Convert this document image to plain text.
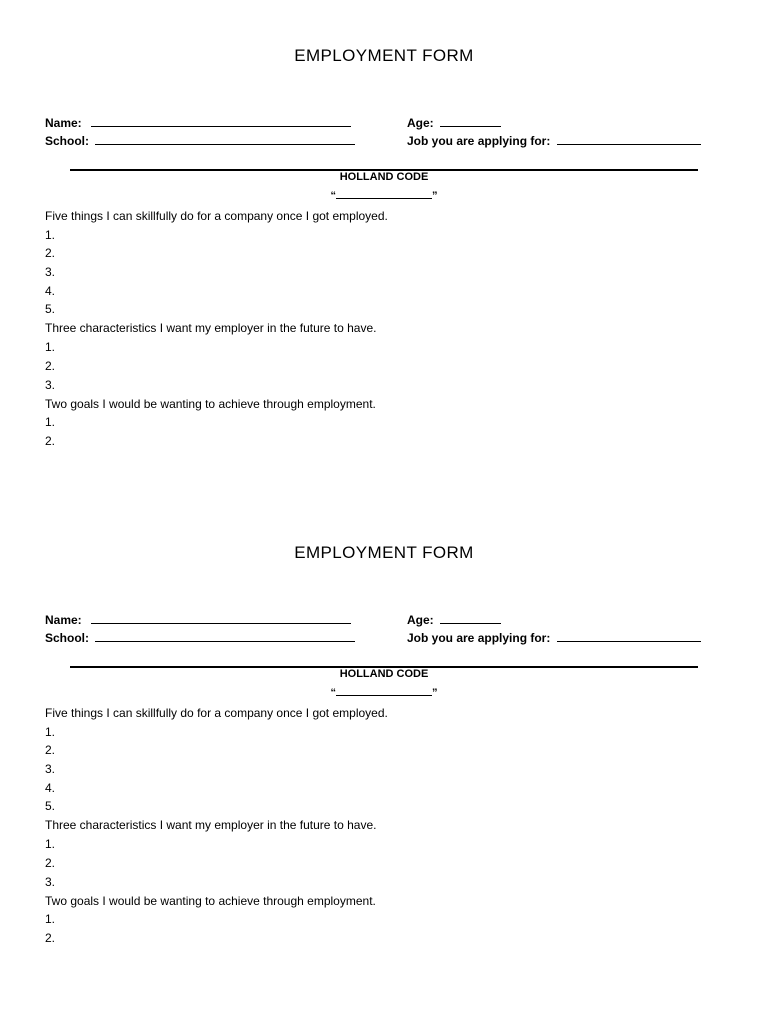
EMPLOYMENT FORM
Name:	Age:
School:	Job you are applying for:
HOLLAND CODE
“	”
Five things I can skillfully do for a company once I got employed.
1.
2.
3.
4.
5.
Three characteristics I want my employer in the future to have.
1.
2.
3.
Two goals I would be wanting to achieve through employment.
1.
2.
EMPLOYMENT FORM
Name:	Age:
School:	Job you are applying for:
HOLLAND CODE
“	”
Five things I can skillfully do for a company once I got employed.
1.
2.
3.
4.
5.
Three characteristics I want my employer in the future to have.
1.
2.
3.
Two goals I would be wanting to achieve through employment.
1.
2.
